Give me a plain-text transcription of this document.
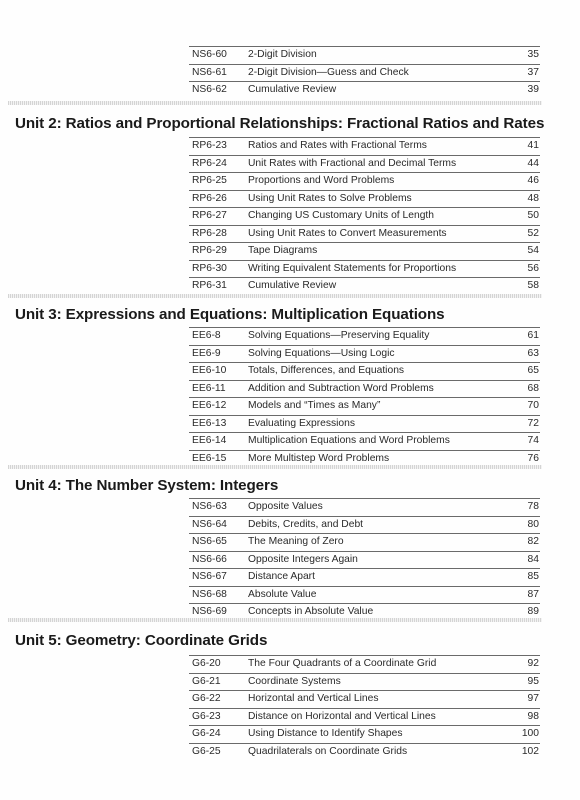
NS6-60 2-Digit Division	35
NS6-61 2-Digit Division—Guess and Check	37
NS6-62 Cumulative Review	39
Unit 2: Ratios and Proportional Relationships: Fractional Ratios and Rates
RP6-23 Ratios and Rates with Fractional Terms	41
RP6-24 Unit Rates with Fractional and Decimal Terms	44
RP6-25 Proportions and Word Problems	46
RP6-26 Using Unit Rates to Solve Problems	48
RP6-27 Changing US Customary Units of Length	50
RP6-28 Using Unit Rates to Convert Measurements	52
RP6-29 Tape Diagrams	54
RP6-30 Writing Equivalent Statements for Proportions	56
RP6-31 Cumulative Review	58
Unit 3: Expressions and Equations: Multiplication Equations
EE6-8	Solving Equations—Preserving Equality	61
EE6-9	Solving Equations—Using Logic	63
EE6-10 Totals, Differences, and Equations	65
EE6-11 Addition and Subtraction Word Problems	68
EE6-12 Models and “Times as Many”	70
EE6-13 Evaluating Expressions	72
EE6-14 Multiplication Equations and Word Problems	74
EE6-15 More Multistep Word Problems	76
Unit 4: The Number System: Integers
NS6-63 Opposite Values	78
NS6-64 Debits, Credits, and Debt	80
NS6-65 The Meaning of Zero	82
NS6-66 Opposite Integers Again	84
NS6-67 Distance Apart	85
NS6-68 Absolute Value	87
NS6-69 Concepts in Absolute Value	89
Unit 5: Geometry: Coordinate Grids
G6-20	The Four Quadrants of a Coordinate Grid	92
G6-21	Coordinate Systems	95
G6-22	Horizontal and Vertical Lines	97
G6-23	Distance on Horizontal and Vertical Lines	98
G6-24	Using Distance to Identify Shapes	100
G6-25	Quadrilaterals on Coordinate Grids	102
